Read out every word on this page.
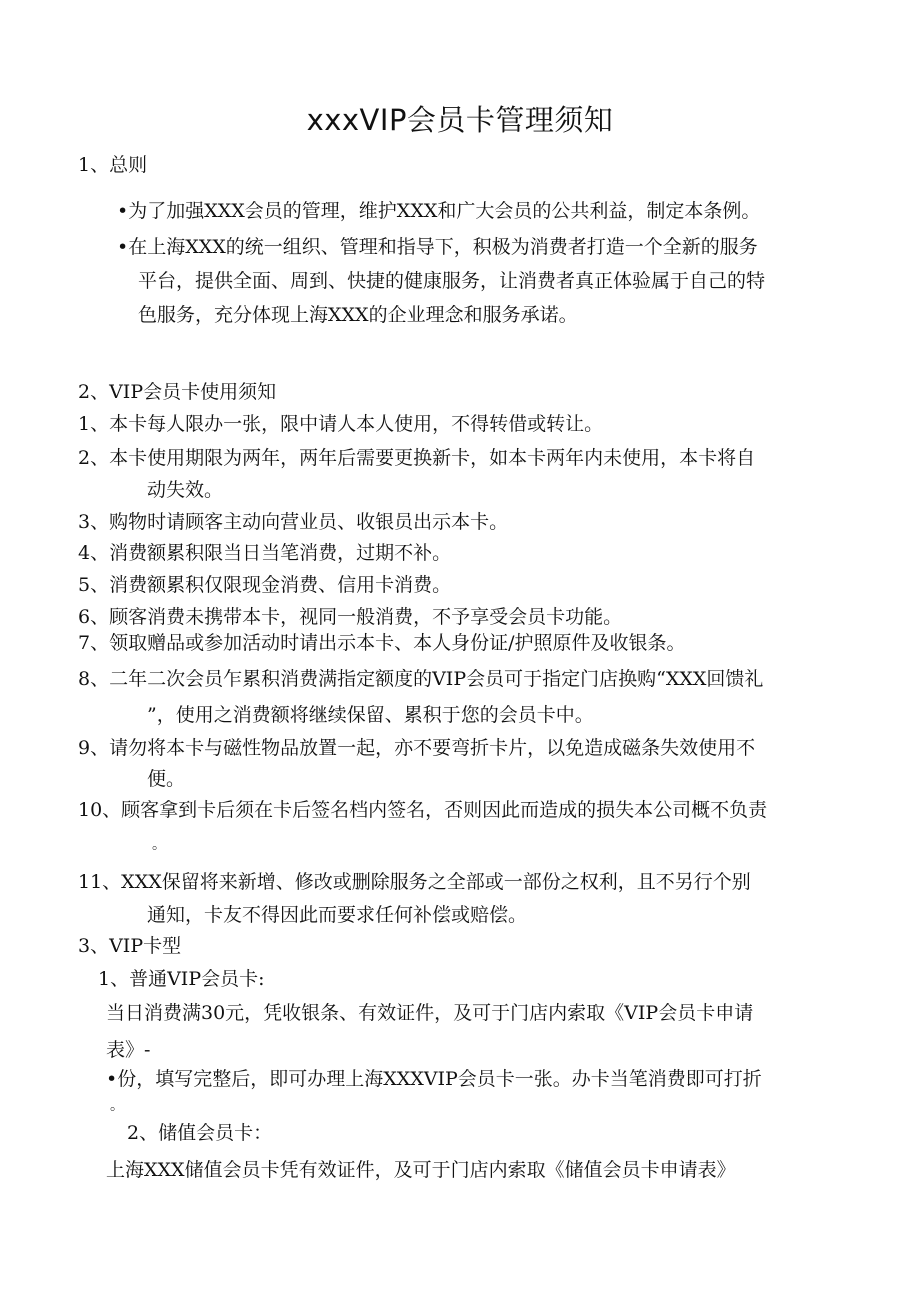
xxxVIP会员卡管理须知
1、总则
•为了加强XXX会员的管理，维护XXX和广大会员的公共利益，制定本条例。
•在上海XXX的统一组织、管理和指导下，积极为消费者打造一个全新的服务
平台，提供全面、周到、快捷的健康服务，让消费者真正体验属于自己的特
色服务，充分体现上海XXX的企业理念和服务承诺。
2、VIP会员卡使用须知
1、本卡每人限办一张，限中请人本人使用，不得转借或转让。
2、本卡使用期限为两年，两年后需要更换新卡，如本卡两年内未使用，本卡将自
动失效。
3、购物时请顾客主动向营业员、收银员出示本卡。
4、消费额累积限当日当笔消费，过期不补。
5、消费额累积仅限现金消费、信用卡消费。
6、顾客消费未携带本卡，视同一般消费，不予享受会员卡功能。
7、领取赠品或参加活动时请出示本卡、本人身份证/护照原件及收银条。
8、二年二次会员乍累积消费满指定额度的VIP会员可于指定门店换购“XXX回馈礼
”，使用之消费额将继续保留、累积于您的会员卡中。
9、请勿将本卡与磁性物品放置一起，亦不要弯折卡片，以免造成磁条失效使用不
便。
10、顾客拿到卡后须在卡后签名档内签名，否则因此而造成的损失本公司概不负责
。
11、XXX保留将来新增、修改或删除服务之全部或一部份之权利，且不另行个别
通知，卡友不得因此而要求任何补偿或赔偿。
3、VIP卡型
1、普通VIP会员卡:
当日消费满30元，凭收银条、有效证件，及可于门店内索取《VIP会员卡申请
表》-
•份，填写完整后，即可办理上海XXXVIP会员卡一张。办卡当笔消费即可打折
。
2、储值会员卡：
上海XXX储值会员卡凭有效证件，及可于门店内索取《储值会员卡申请表》
